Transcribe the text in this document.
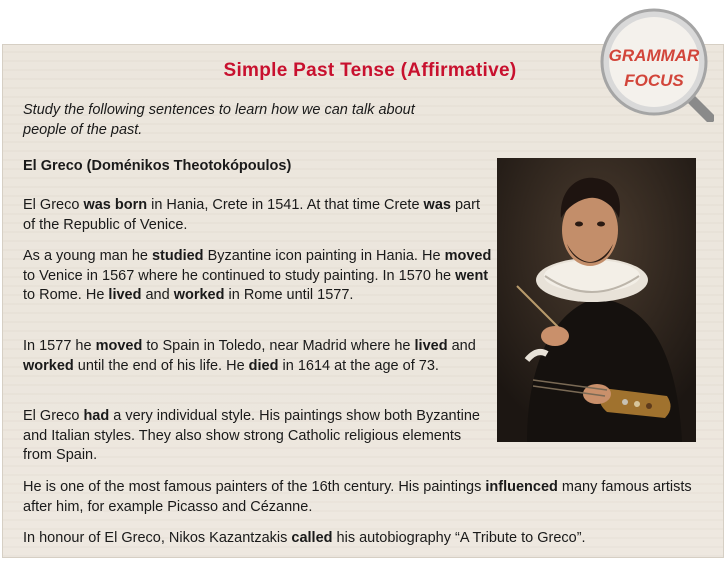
GRAMMAR
FOCUS
Simple Past Tense (Affirmative)
Study the following sentences to learn how we can talk about people of the past.
El Greco (Doménikos Theotokópoulos)

El Greco was born in Hania, Crete in 1541. At that time Crete was part of the Republic of Venice.

As a young man he studied Byzantine icon painting in Hania. He moved to Venice in 1567 where he continued to study painting. In 1570 he went to Rome. He lived and worked in Rome until 1577.

In 1577 he moved to Spain in Toledo, near Madrid where he lived and worked until the end of his life. He died in 1614 at the age of 73.

El Greco had a very individual style. His paintings show both Byzantine and Italian styles. They also show strong Catholic religious elements from Spain.

He is one of the most famous painters of the 16th century. His paintings influenced many famous artists after him, for example Picasso and Cézanne.

In honour of El Greco, Nikos Kazantzakis called his autobiography “A Tribute to Greco”.
